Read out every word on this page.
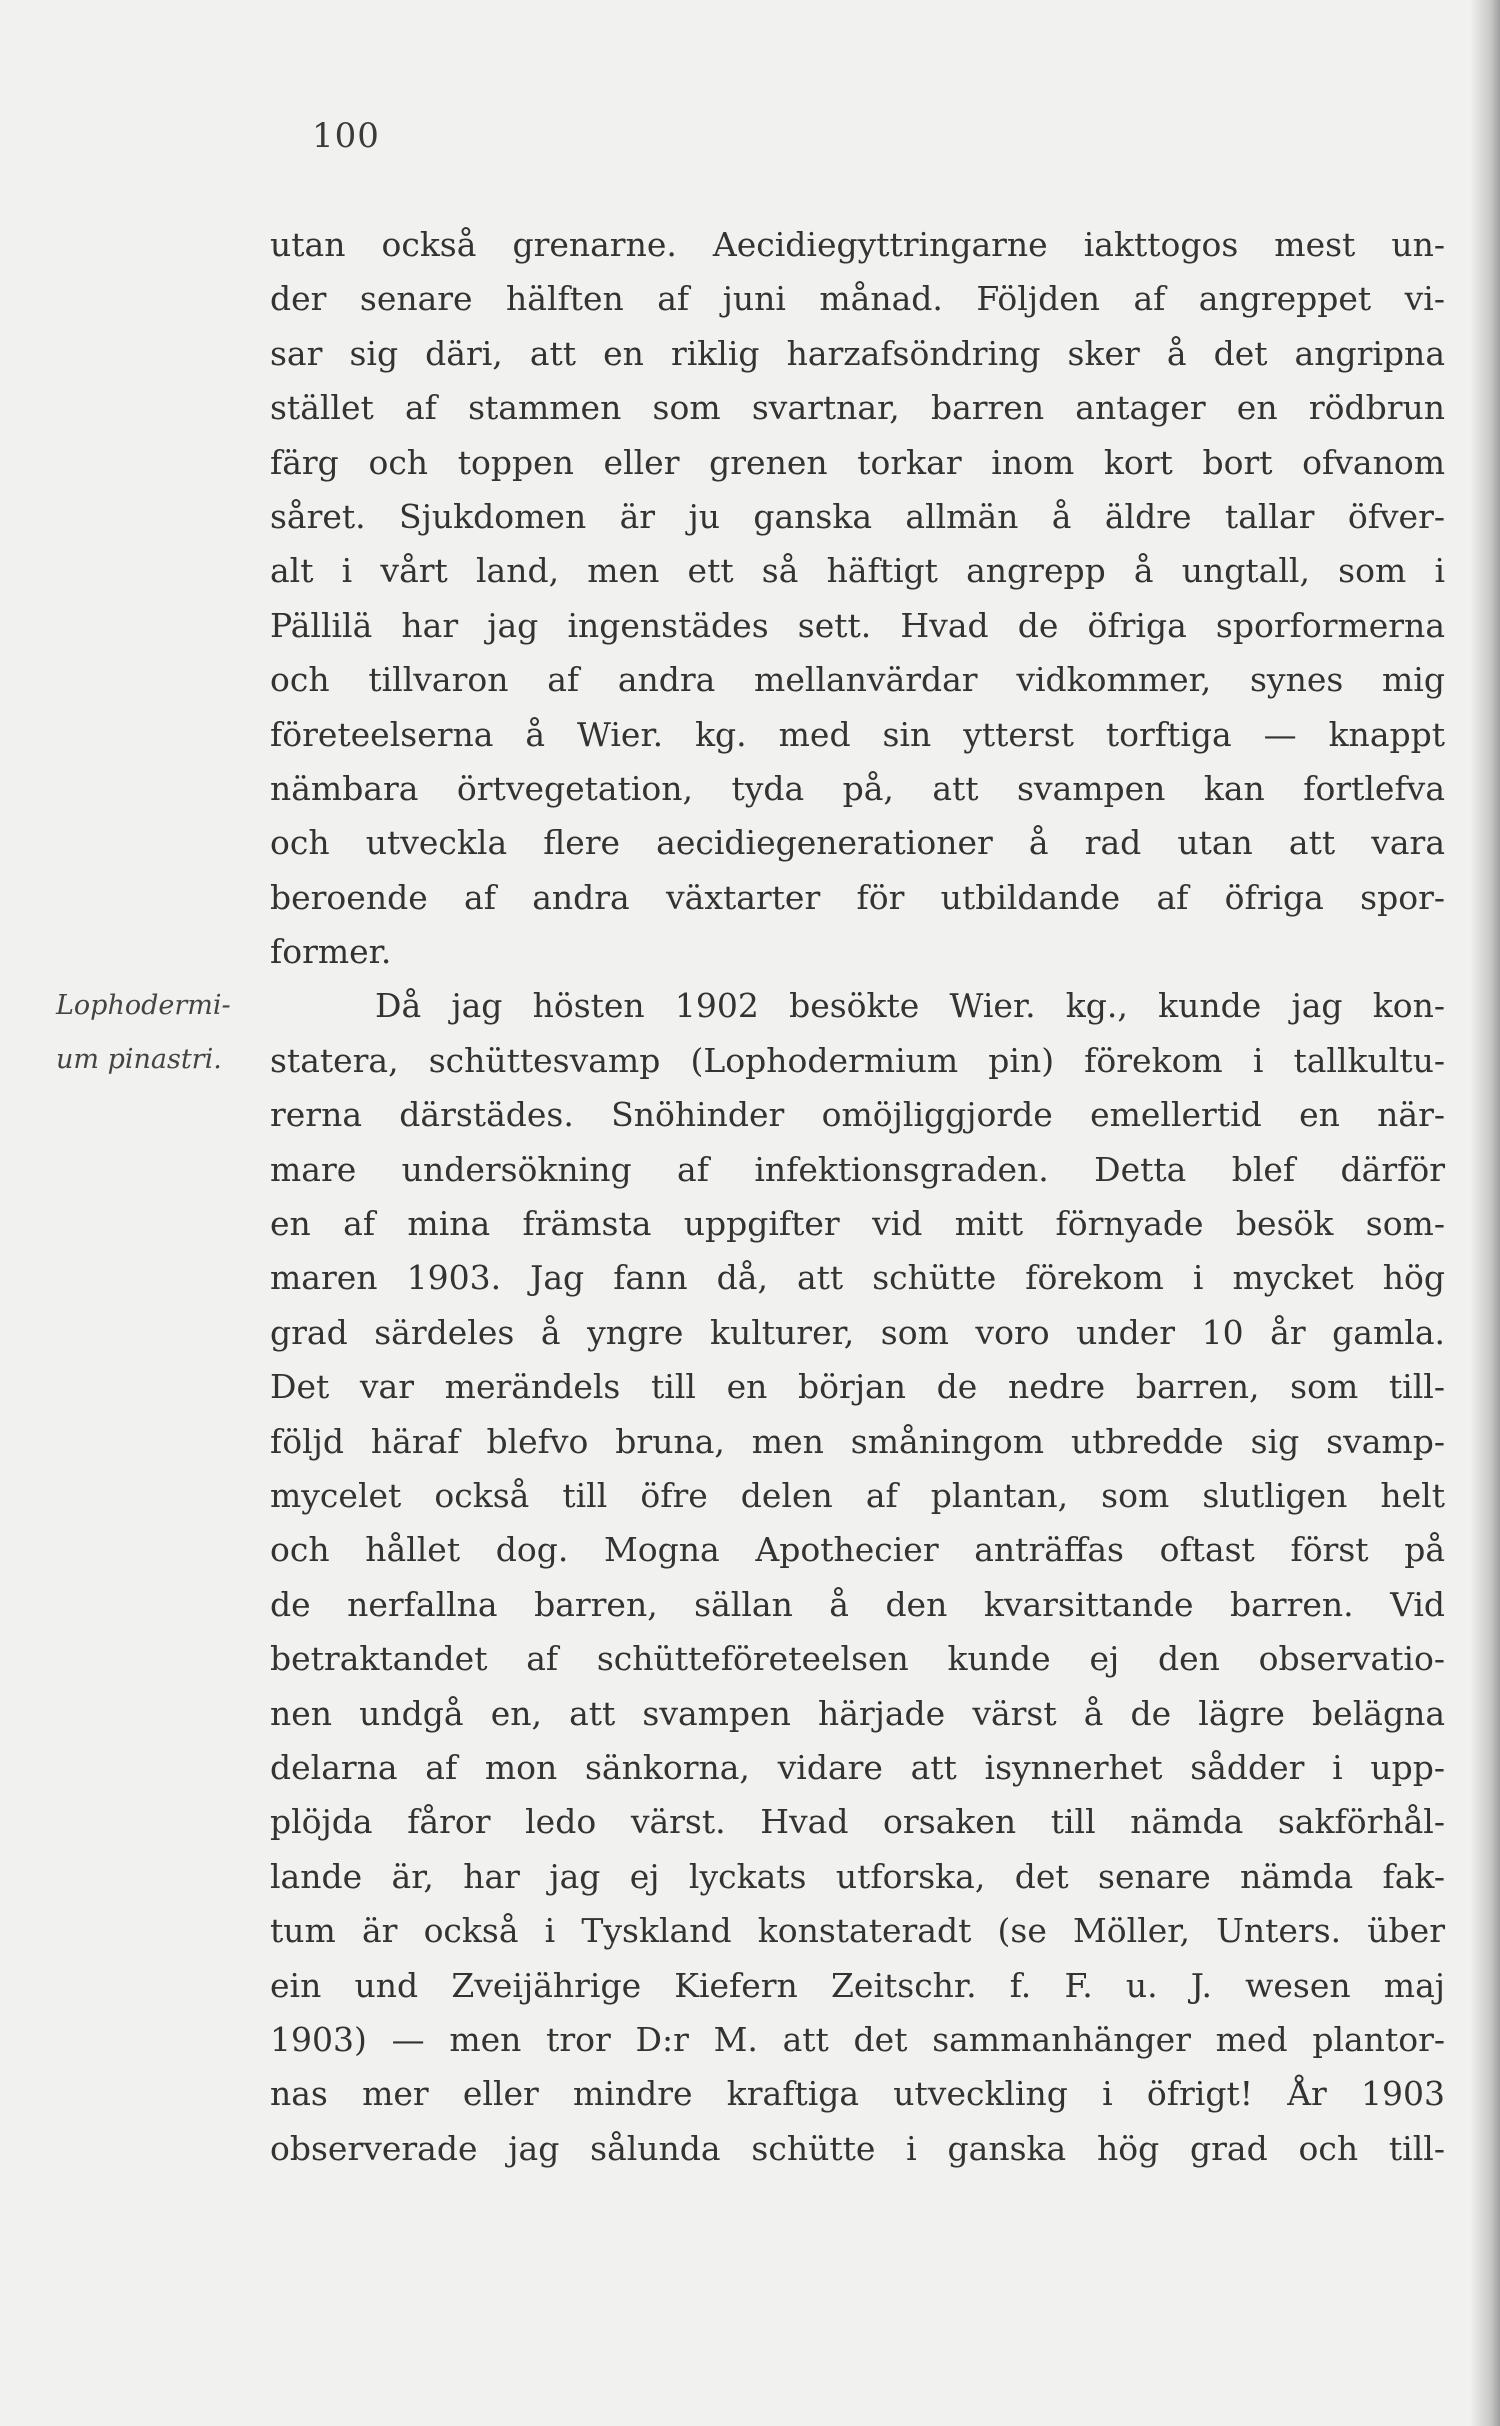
100
Lophodermi-
um pinastri.
utan också grenarne. Aecidiegyttringarne iakttogos mest un-
der senare hälften af juni månad. Följden af angreppet vi-
sar sig däri, att en riklig harzafsöndring sker å det angripna
stället af stammen som svartnar, barren antager en rödbrun
färg och toppen eller grenen torkar inom kort bort ofvanom
såret. Sjukdomen är ju ganska allmän å äldre tallar öfver-
alt i vårt land, men ett så häftigt angrepp å ungtall, som i
Pällilä har jag ingenstädes sett. Hvad de öfriga sporformerna
och tillvaron af andra mellanvärdar vidkommer, synes mig
företeelserna å Wier. kg. med sin ytterst torftiga — knappt
nämbara örtvegetation, tyda på, att svampen kan fortlefva
och utveckla flere aecidiegenerationer å rad utan att vara
beroende af andra växtarter för utbildande af öfriga spor-
former.
Då jag hösten 1902 besökte Wier. kg., kunde jag kon-
statera, schüttesvamp (Lophodermium pin) förekom i tallkultu-
rerna därstädes. Snöhinder omöjliggjorde emellertid en när-
mare undersökning af infektionsgraden. Detta blef därför
en af mina främsta uppgifter vid mitt förnyade besök som-
maren 1903. Jag fann då, att schütte förekom i mycket hög
grad särdeles å yngre kulturer, som voro under 10 år gamla.
Det var merändels till en början de nedre barren, som till-
följd häraf blefvo bruna, men småningom utbredde sig svamp-
mycelet också till öfre delen af plantan, som slutligen helt
och hållet dog. Mogna Apothecier anträffas oftast först på
de nerfallna barren, sällan å den kvarsittande barren. Vid
betraktandet af schütteföreteelsen kunde ej den observatio-
nen undgå en, att svampen härjade värst å de lägre belägna
delarna af mon sänkorna, vidare att isynnerhet sådder i upp-
plöjda fåror ledo värst. Hvad orsaken till nämda sakförhål-
lande är, har jag ej lyckats utforska, det senare nämda fak-
tum är också i Tyskland konstateradt (se Möller, Unters. über
ein und Zveijährige Kiefern Zeitschr. f. F. u. J. wesen maj
1903) — men tror D:r M. att det sammanhänger med plantor-
nas mer eller mindre kraftiga utveckling i öfrigt! År 1903
observerade jag sålunda schütte i ganska hög grad och till-
